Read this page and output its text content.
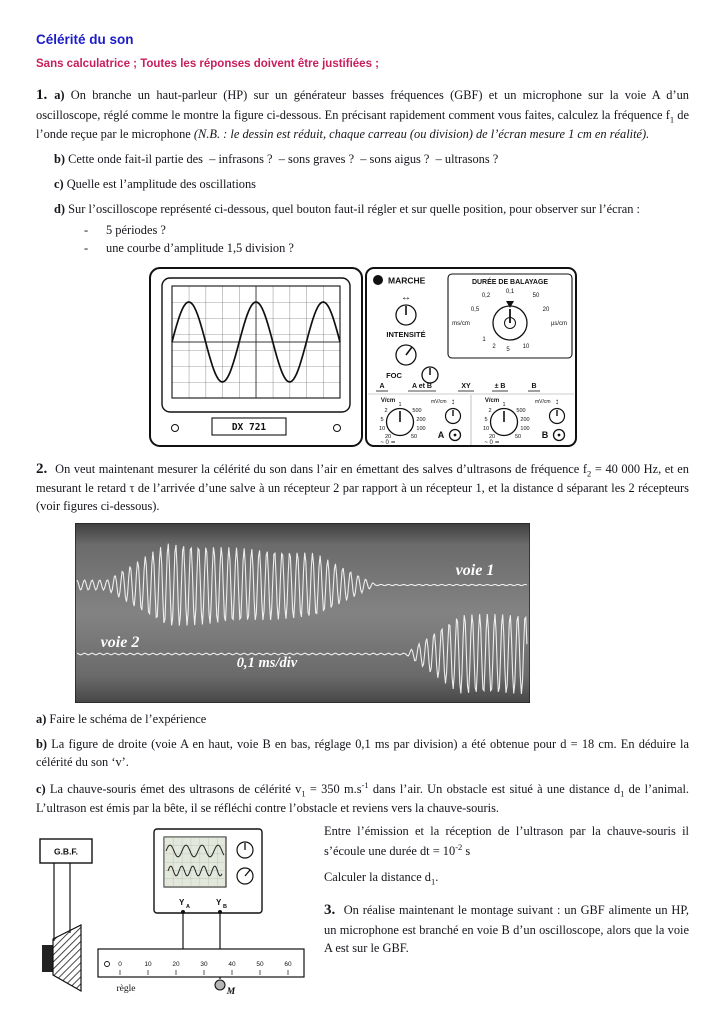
Célérité du son
Sans calculatrice ; Toutes les réponses doivent être justifiées ;

1. a) On branche un haut-parleur (HP) sur un générateur basses fréquences (GBF) et un microphone sur la voie A d’un oscilloscope, réglé comme le montre la figure ci-dessous. En précisant rapidement comment vous faites, calculez la fréquence $f_1$ de l’onde reçue par le microphone (N.B. : le dessin est réduit, chaque carreau (ou division) de l’écran mesure 1 cm en réalité).

b) Cette onde fait-il partie des  – infrasons ?  – sons graves ?  – sons aigus ?  – ultrasons ?

c) Quelle est l’amplitude des oscillations

d) Sur l’oscilloscope représenté ci-dessous, quel bouton faut-il régler et sur quelle position, pour observer sur l’écran :

-	5 périodes ?
-	une courbe d’amplitude 1,5 division ?
DX 721
MARCHE
↔
INTENSITÉ
FOC
DURÉE DE BALAYAGE
0,1
0,2	50
0,5	20
ms/cm	µs/cm
1
2 5 10
A	A et B	XY	± B	B
V/cm
1
2
5
10
20
500
200
100
50
mV/cm ↕
A
~ 0 ≃
V/cm
1
2
5
10
20
500
200
100
50
mV/cm ↕
B
~ 0 ≃

2.  On veut maintenant mesurer la célérité du son dans l’air en émettant des salves d’ultrasons de fréquence $f_2 = 40$ 000 Hz, et en mesurant le retard τ de l’arrivée d’une salve à un récepteur 2 par rapport à un récepteur 1, et la distance d séparant les 2 récepteurs (voir figures ci-dessous).

voie 1
voie 2
0,1 ms/div

a) Faire le schéma de l’expérience

b) La figure de droite (voie A en haut, voie B en bas, réglage 0,1 ms par division) a été obtenue pour d = 18 cm. En déduire la célérité du son ‘v’.

c) La chauve-souris émet des ultrasons de célérité $v_1 = 350$ $m.s^{-1}$ dans l’air. Un obstacle est situé à une distance $d_1$ de l’animal. L’ultrason est émis par la bête, il se réfléchi contre l’obstacle et reviens vers la chauve-souris.

G.B.F.
Y A	Y B
0	10	20	30	40	50	60
règle	M

Entre l’émission et la réception de l’ultrason par la chauve-souris il s’écoule une durée dt = $10^{-2}$ s

Calculer la distance $d_1$.

3.  On réalise maintenant le montage suivant : un GBF alimente un HP, un microphone est branché en voie B d’un oscilloscope, alors que la voie A est sur le GBF.
